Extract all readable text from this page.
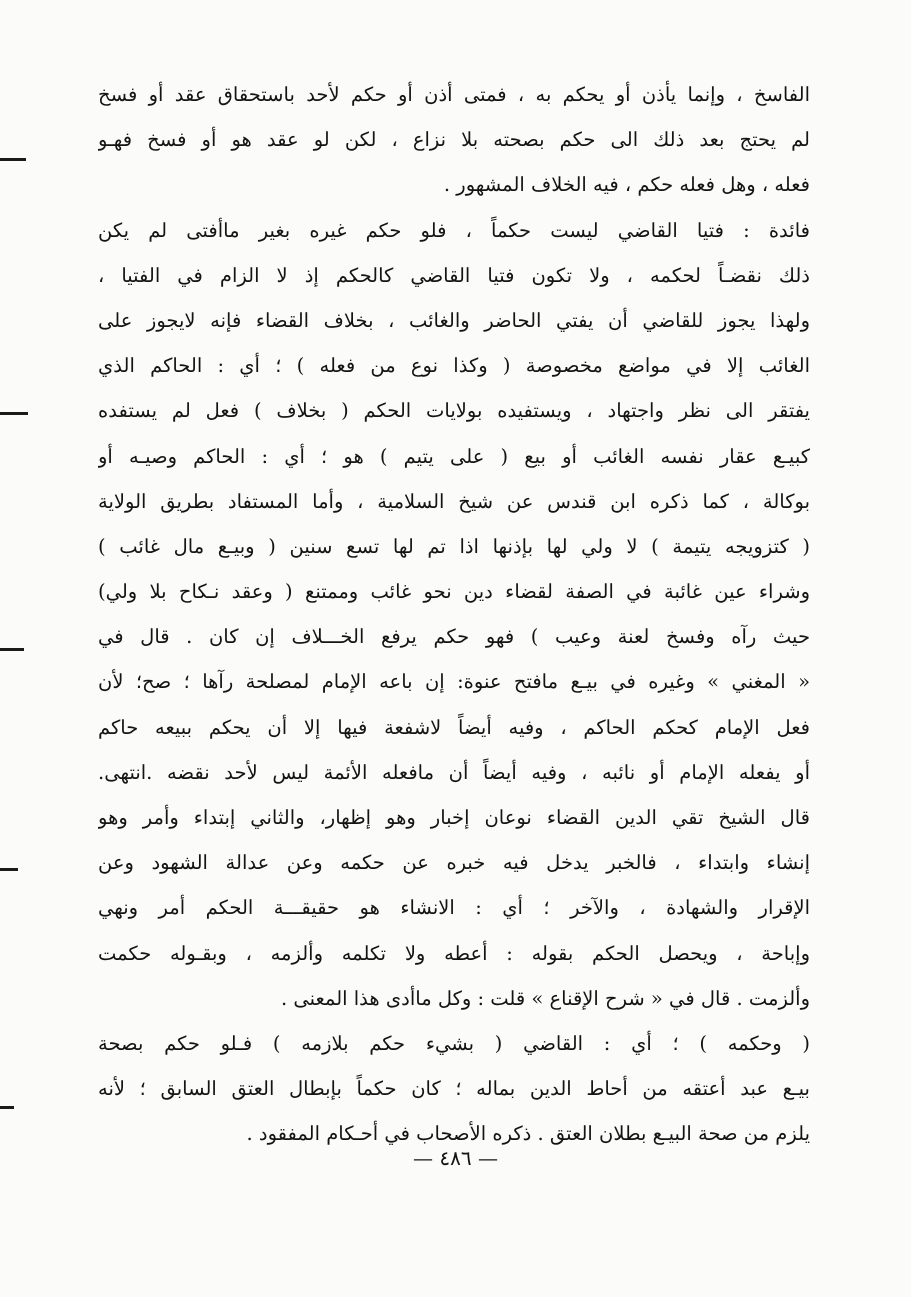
الفاسخ ، وإنما يأذن أو يحكم به ، فمتى أذن أو حكم لأحد باستحقاق عقد أو فسخ
لم يحتج بعد ذلك الى حكم بصحته بلا نزاع ، لكن لو عقد هو أو فسخ فهـو
فعله ، وهل فعله حكم ، فيه الخلاف المشهور .
فائدة : فتيا القاضي ليست حكماً ، فلو حكم غيره بغير ماأفتى لم يكن
ذلك نقضـاً لحكمه ، ولا تكون فتيا القاضي كالحكم إذ لا الزام في الفتيا ،
ولهذا يجوز للقاضي أن يفتي الحاضر والغائب ، بخلاف القضاء فإنه لايجوز على
الغائب إلا في مواضع مخصوصة ( وكذا نوع من فعله ) ؛ أي : الحاكم الذي
يفتقر الى نظر واجتهاد ، ويستفيده بولايات الحكم ( بخلاف ) فعل لم يستفده
كبيـع عقار نفسه الغائب أو بيع ( على يتيم ) هو ؛ أي : الحاكم وصيـه أو
بوكالة ، كما ذكره ابن قندس عن شيخ السلامية ، وأما المستفاد بطريق الولاية
( كتزويجه يتيمة ) لا ولي لها بإذنها اذا تم لها تسع سنين ( وبيـع مال غائب )
وشراء عين غائبة في الصفة لقضاء دين نحو غائب وممتنع ( وعقد نـكاح بلا ولي)
حيث رآه وفسخ لعنة وعيب ) فهو حكم يرفع الخـــلاف إن كان . قال في
« المغني » وغيره في بيـع مافتح عنوة: إن باعه الإمام لمصلحة رآها ؛ صح؛ لأن
فعل الإمام كحكم الحاكم ، وفيه أيضاً لاشفعة فيها إلا أن يحكم ببيعه حاكم
أو يفعله الإمام أو نائبه ، وفيه أيضاً أن مافعله الأئمة ليس لأحد نقضه .انتهى.
قال الشيخ تقي الدين القضاء نوعان إخبار وهو إظهار، والثاني إبتداء وأمر وهو
إنشاء وابتداء ، فالخبر يدخل فيه خبره عن حكمه وعن عدالة الشهود وعن
الإقرار والشهادة ، والآخر ؛ أي : الانشاء هو حقيقـــة الحكم أمر ونهي
وإباحة ، ويحصل الحكم بقوله : أعطه ولا تكلمه وألزمه ، وبقـوله حكمت
وألزمت . قال في « شرح الإقناع » قلت : وكل ماأدى هذا المعنى .
( وحكمه ) ؛ أي : القاضي ( بشيء حكم بلازمه ) فـلو حكم بصحة
بيـع عبد أعتقه من أحاط الدين بماله ؛ كان حكماً بإبطال العتق السابق ؛ لأنه
يلزم من صحة البيـع بطلان العتق . ذكره الأصحاب في أحـكام المفقود .
— ٤٨٦ —
